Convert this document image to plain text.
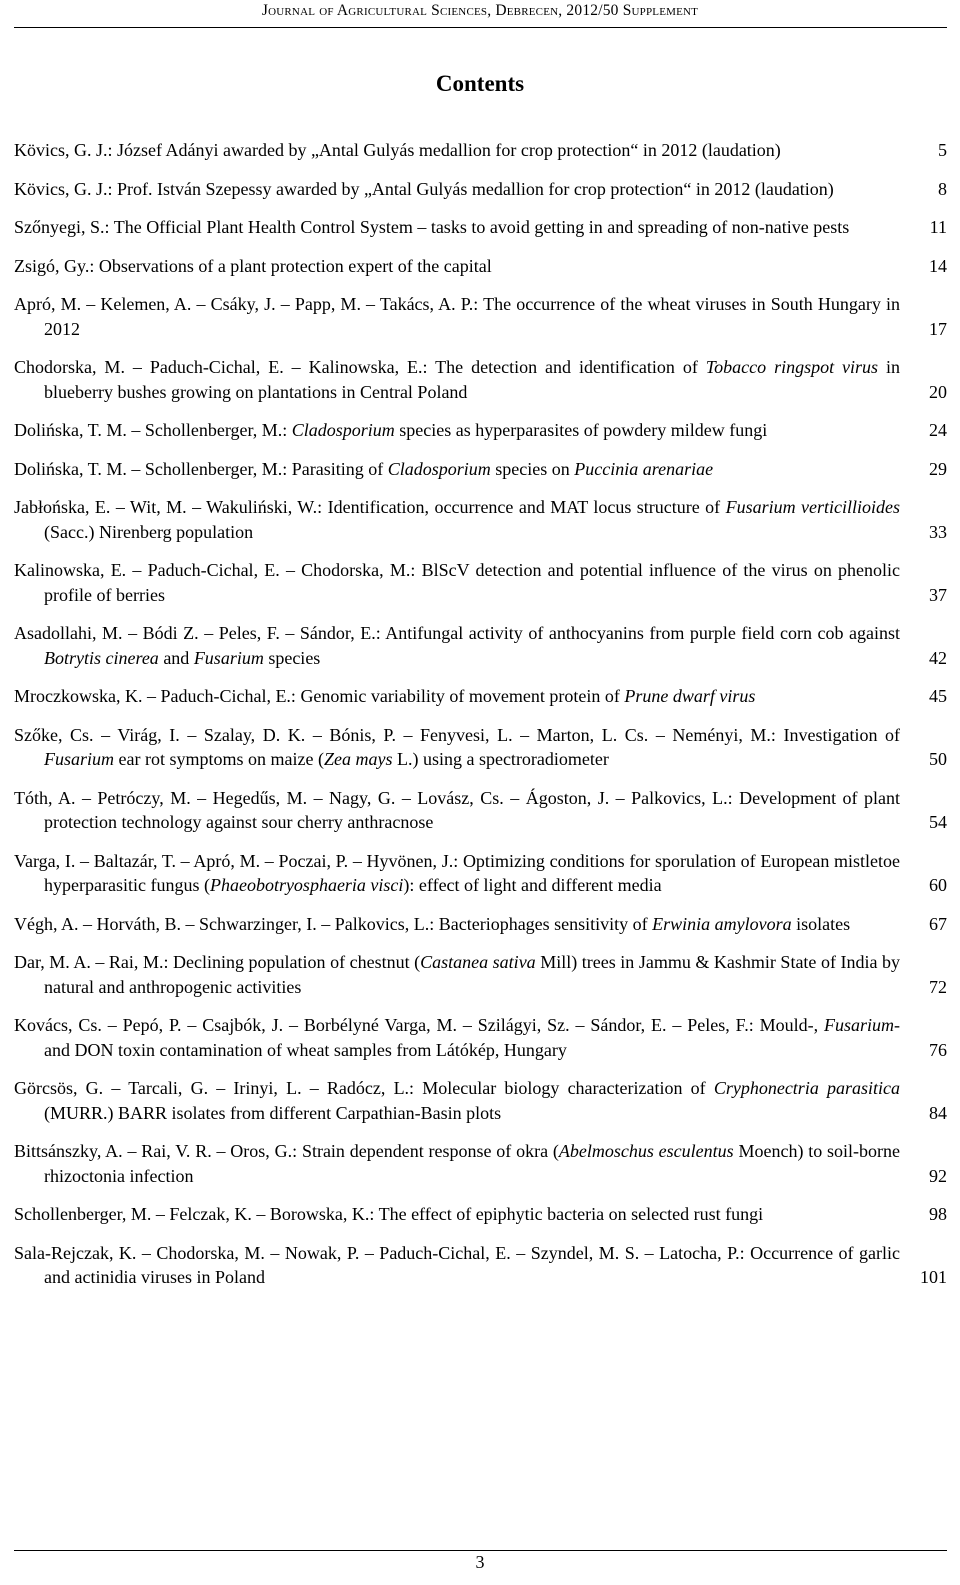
Journal of Agricultural Sciences, Debrecen, 2012/50 Supplement
Contents
Kövics, G. J.: József Adányi awarded by „Antal Gulyás medallion for crop protection“ in 2012 (laudation)	5
Kövics, G. J.: Prof. István Szepessy awarded by „Antal Gulyás medallion for crop protection“ in 2012 (laudation)	8
Szőnyegi, S.: The Official Plant Health Control System – tasks to avoid getting in and spreading of non-native pests	11
Zsigó, Gy.: Observations of a plant protection expert of the capital	14
Apró, M. – Kelemen, A. – Csáky, J. – Papp, M. – Takács, A. P.: The occurrence of the wheat viruses in South Hungary in 2012	17
Chodorska, M. – Paduch-Cichal, E. – Kalinowska, E.: The detection and identification of Tobacco ringspot virus in blueberry bushes growing on plantations in Central Poland	20
Dolińska, T. M. – Schollenberger, M.: Cladosporium species as hyperparasites of powdery mildew fungi	24
Dolińska, T. M. – Schollenberger, M.: Parasiting of Cladosporium species on Puccinia arenariae	29
Jabłońska, E. – Wit, M. – Wakuliński, W.: Identification, occurrence and MAT locus structure of Fusarium verticillioides (Sacc.) Nirenberg population	33
Kalinowska, E. – Paduch-Cichal, E. – Chodorska, M.: BlScV detection and potential influence of the virus on phenolic profile of berries	37
Asadollahi, M. – Bódi Z. – Peles, F. – Sándor, E.: Antifungal activity of anthocyanins from purple field corn cob against Botrytis cinerea and Fusarium species	42
Mroczkowska, K. – Paduch-Cichal, E.: Genomic variability of movement protein of Prune dwarf virus	45
Szőke, Cs. – Virág, I. – Szalay, D. K. – Bónis, P. – Fenyvesi, L. – Marton, L. Cs. – Neményi, M.: Investigation of Fusarium ear rot symptoms on maize (Zea mays L.) using a spectroradiometer	50
Tóth, A. – Petróczy, M. – Hegedűs, M. – Nagy, G. – Lovász, Cs. – Ágoston, J. – Palkovics, L.: Development of plant protection technology against sour cherry anthracnose	54
Varga, I. – Baltazár, T. – Apró, M. – Poczai, P. – Hyvönen, J.: Optimizing conditions for sporulation of European mistletoe hyperparasitic fungus (Phaeobotryosphaeria visci): effect of light and different media	60
Végh, A. – Horváth, B. – Schwarzinger, I. – Palkovics, L.: Bacteriophages sensitivity of Erwinia amylovora isolates	67
Dar, M. A. – Rai, M.: Declining population of chestnut (Castanea sativa Mill) trees in Jammu & Kashmir State of India by natural and anthropogenic activities	72
Kovács, Cs. – Pepó, P. – Csajbók, J. – Borbélyné Varga, M. – Szilágyi, Sz. – Sándor, E. – Peles, F.: Mould-, Fusarium- and DON toxin contamination of wheat samples from Látókép, Hungary	76
Görcsös, G. – Tarcali, G. – Irinyi, L. – Radócz, L.: Molecular biology characterization of Cryphonectria parasitica (MURR.) BARR isolates from different Carpathian-Basin plots	84
Bittsánszky, A. – Rai, V. R. – Oros, G.: Strain dependent response of okra (Abelmoschus esculentus Moench) to soil-borne rhizoctonia infection	92
Schollenberger, M. – Felczak, K. – Borowska, K.: The effect of epiphytic bacteria on selected rust fungi	98
Sala-Rejczak, K. – Chodorska, M. – Nowak, P. – Paduch-Cichal, E. – Szyndel, M. S. – Latocha, P.: Occurrence of garlic and actinidia viruses in Poland	101
3
